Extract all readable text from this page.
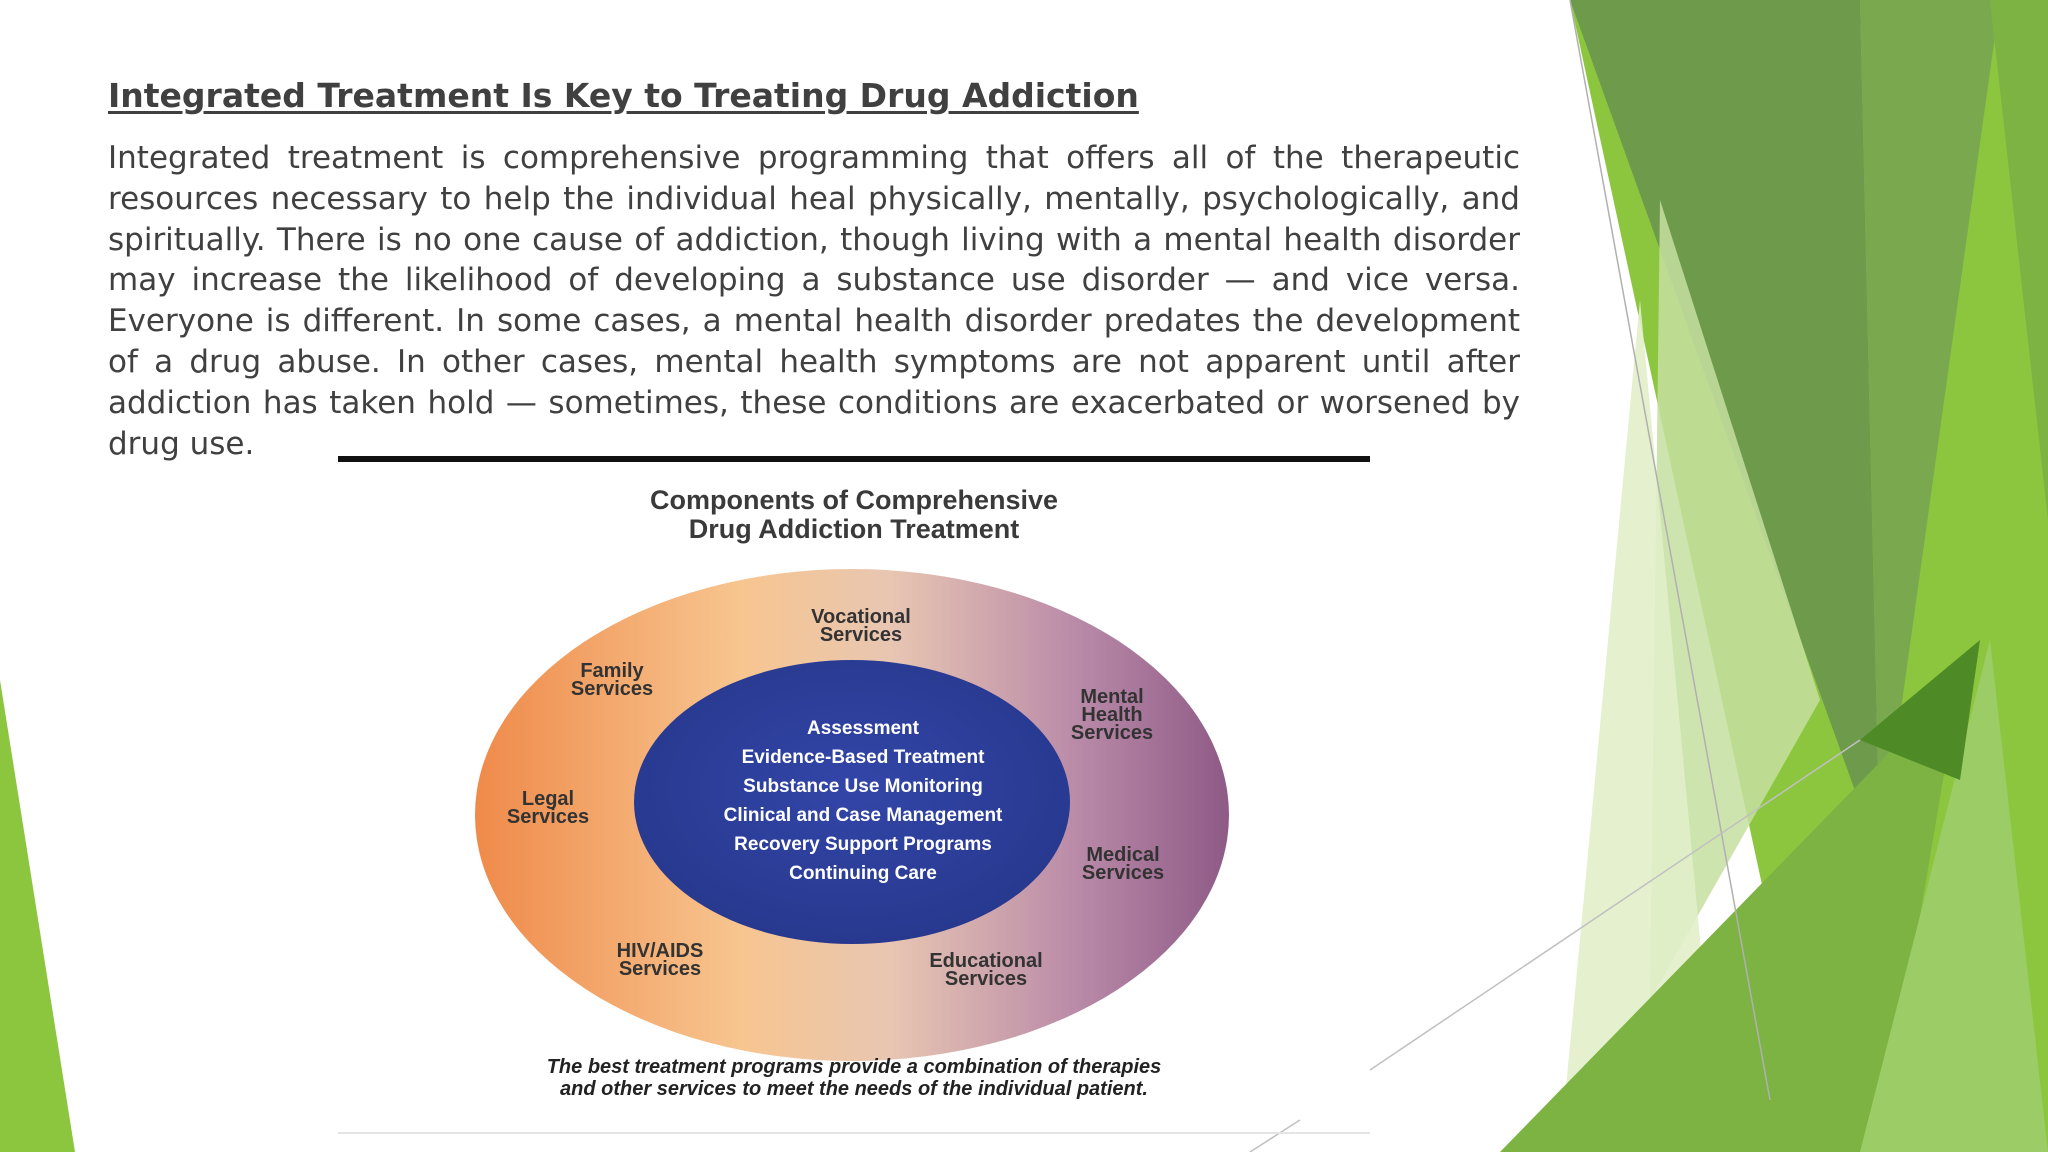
Integrated Treatment Is Key to Treating Drug Addiction

Integrated treatment is comprehensive programming that offers all of the therapeutic resources necessary to help the individual heal physically, mentally, psychologically, and spiritually. There is no one cause of addiction, though living with a mental health disorder may increase the likelihood of developing a substance use disorder — and vice versa. Everyone is different. In some cases, a mental health disorder predates the development of a drug abuse. In other cases, mental health symptoms are not apparent until after addiction has taken hold — sometimes, these conditions are exacerbated or worsened by drug use.

Components of Comprehensive
Drug Addiction Treatment
Vocational
Services
Family
Services	Mental
Health
Services
Legal
Services
Medical
Services
HIV/AIDS
Services	Educational
Services
Assessment
Evidence-Based Treatment
Substance Use Monitoring
Clinical and Case Management
Recovery Support Programs
Continuing Care
The best treatment programs provide a combination of therapies
and other services to meet the needs of the individual patient.
